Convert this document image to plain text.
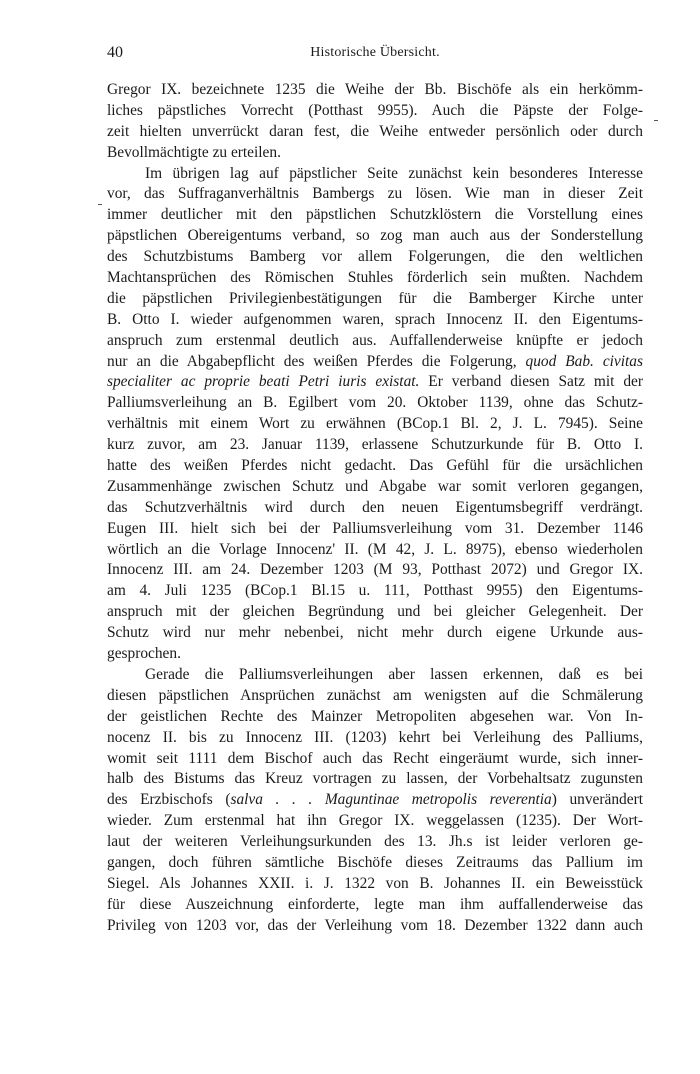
40	Historische Übersicht.
Gregor IX. bezeichnete 1235 die Weihe der Bb. Bischöfe als ein herkömm-
liches päpstliches Vorrecht (Potthast 9955). Auch die Päpste der Folge-
zeit hielten unverrückt daran fest, die Weihe entweder persönlich oder durch
Bevollmächtigte zu erteilen.
Im übrigen lag auf päpstlicher Seite zunächst kein besonderes Interesse
vor, das Suffraganverhältnis Bambergs zu lösen. Wie man in dieser Zeit
immer deutlicher mit den päpstlichen Schutzklöstern die Vorstellung eines
päpstlichen Obereigentums verband, so zog man auch aus der Sonderstellung
des Schutzbistums Bamberg vor allem Folgerungen, die den weltlichen
Machtansprüchen des Römischen Stuhles förderlich sein mußten. Nachdem
die päpstlichen Privilegienbestätigungen für die Bamberger Kirche unter
B. Otto I. wieder aufgenommen waren, sprach Innocenz II. den Eigentums-
anspruch zum erstenmal deutlich aus. Auffallenderweise knüpfte er jedoch
nur an die Abgabepflicht des weißen Pferdes die Folgerung, quod Bab. civitas
specialiter ac proprie beati Petri iuris existat. Er verband diesen Satz mit der
Palliumsverleihung an B. Egilbert vom 20. Oktober 1139, ohne das Schutz-
verhältnis mit einem Wort zu erwähnen (BCop.1 Bl. 2, J. L. 7945). Seine
kurz zuvor, am 23. Januar 1139, erlassene Schutzurkunde für B. Otto I.
hatte des weißen Pferdes nicht gedacht. Das Gefühl für die ursächlichen
Zusammenhänge zwischen Schutz und Abgabe war somit verloren gegangen,
das Schutzverhältnis wird durch den neuen Eigentumsbegriff verdrängt.
Eugen III. hielt sich bei der Palliumsverleihung vom 31. Dezember 1146
wörtlich an die Vorlage Innocenz' II. (M 42, J. L. 8975), ebenso wiederholen
Innocenz III. am 24. Dezember 1203 (M 93, Potthast 2072) und Gregor IX.
am 4. Juli 1235 (BCop.1 Bl.15 u. 111, Potthast 9955) den Eigentums-
anspruch mit der gleichen Begründung und bei gleicher Gelegenheit. Der
Schutz wird nur mehr nebenbei, nicht mehr durch eigene Urkunde aus-
gesprochen.
Gerade die Palliumsverleihungen aber lassen erkennen, daß es bei
diesen päpstlichen Ansprüchen zunächst am wenigsten auf die Schmälerung
der geistlichen Rechte des Mainzer Metropoliten abgesehen war. Von In-
nocenz II. bis zu Innocenz III. (1203) kehrt bei Verleihung des Palliums,
womit seit 1111 dem Bischof auch das Recht eingeräumt wurde, sich inner-
halb des Bistums das Kreuz vortragen zu lassen, der Vorbehaltsatz zugunsten
des Erzbischofs (salva . . . Maguntinae metropolis reverentia) unverändert
wieder. Zum erstenmal hat ihn Gregor IX. weggelassen (1235). Der Wort-
laut der weiteren Verleihungsurkunden des 13. Jh.s ist leider verloren ge-
gangen, doch führen sämtliche Bischöfe dieses Zeitraums das Pallium im
Siegel. Als Johannes XXII. i. J. 1322 von B. Johannes II. ein Beweisstück
für diese Auszeichnung einforderte, legte man ihm auffallenderweise das
Privileg von 1203 vor, das der Verleihung vom 18. Dezember 1322 dann auch
